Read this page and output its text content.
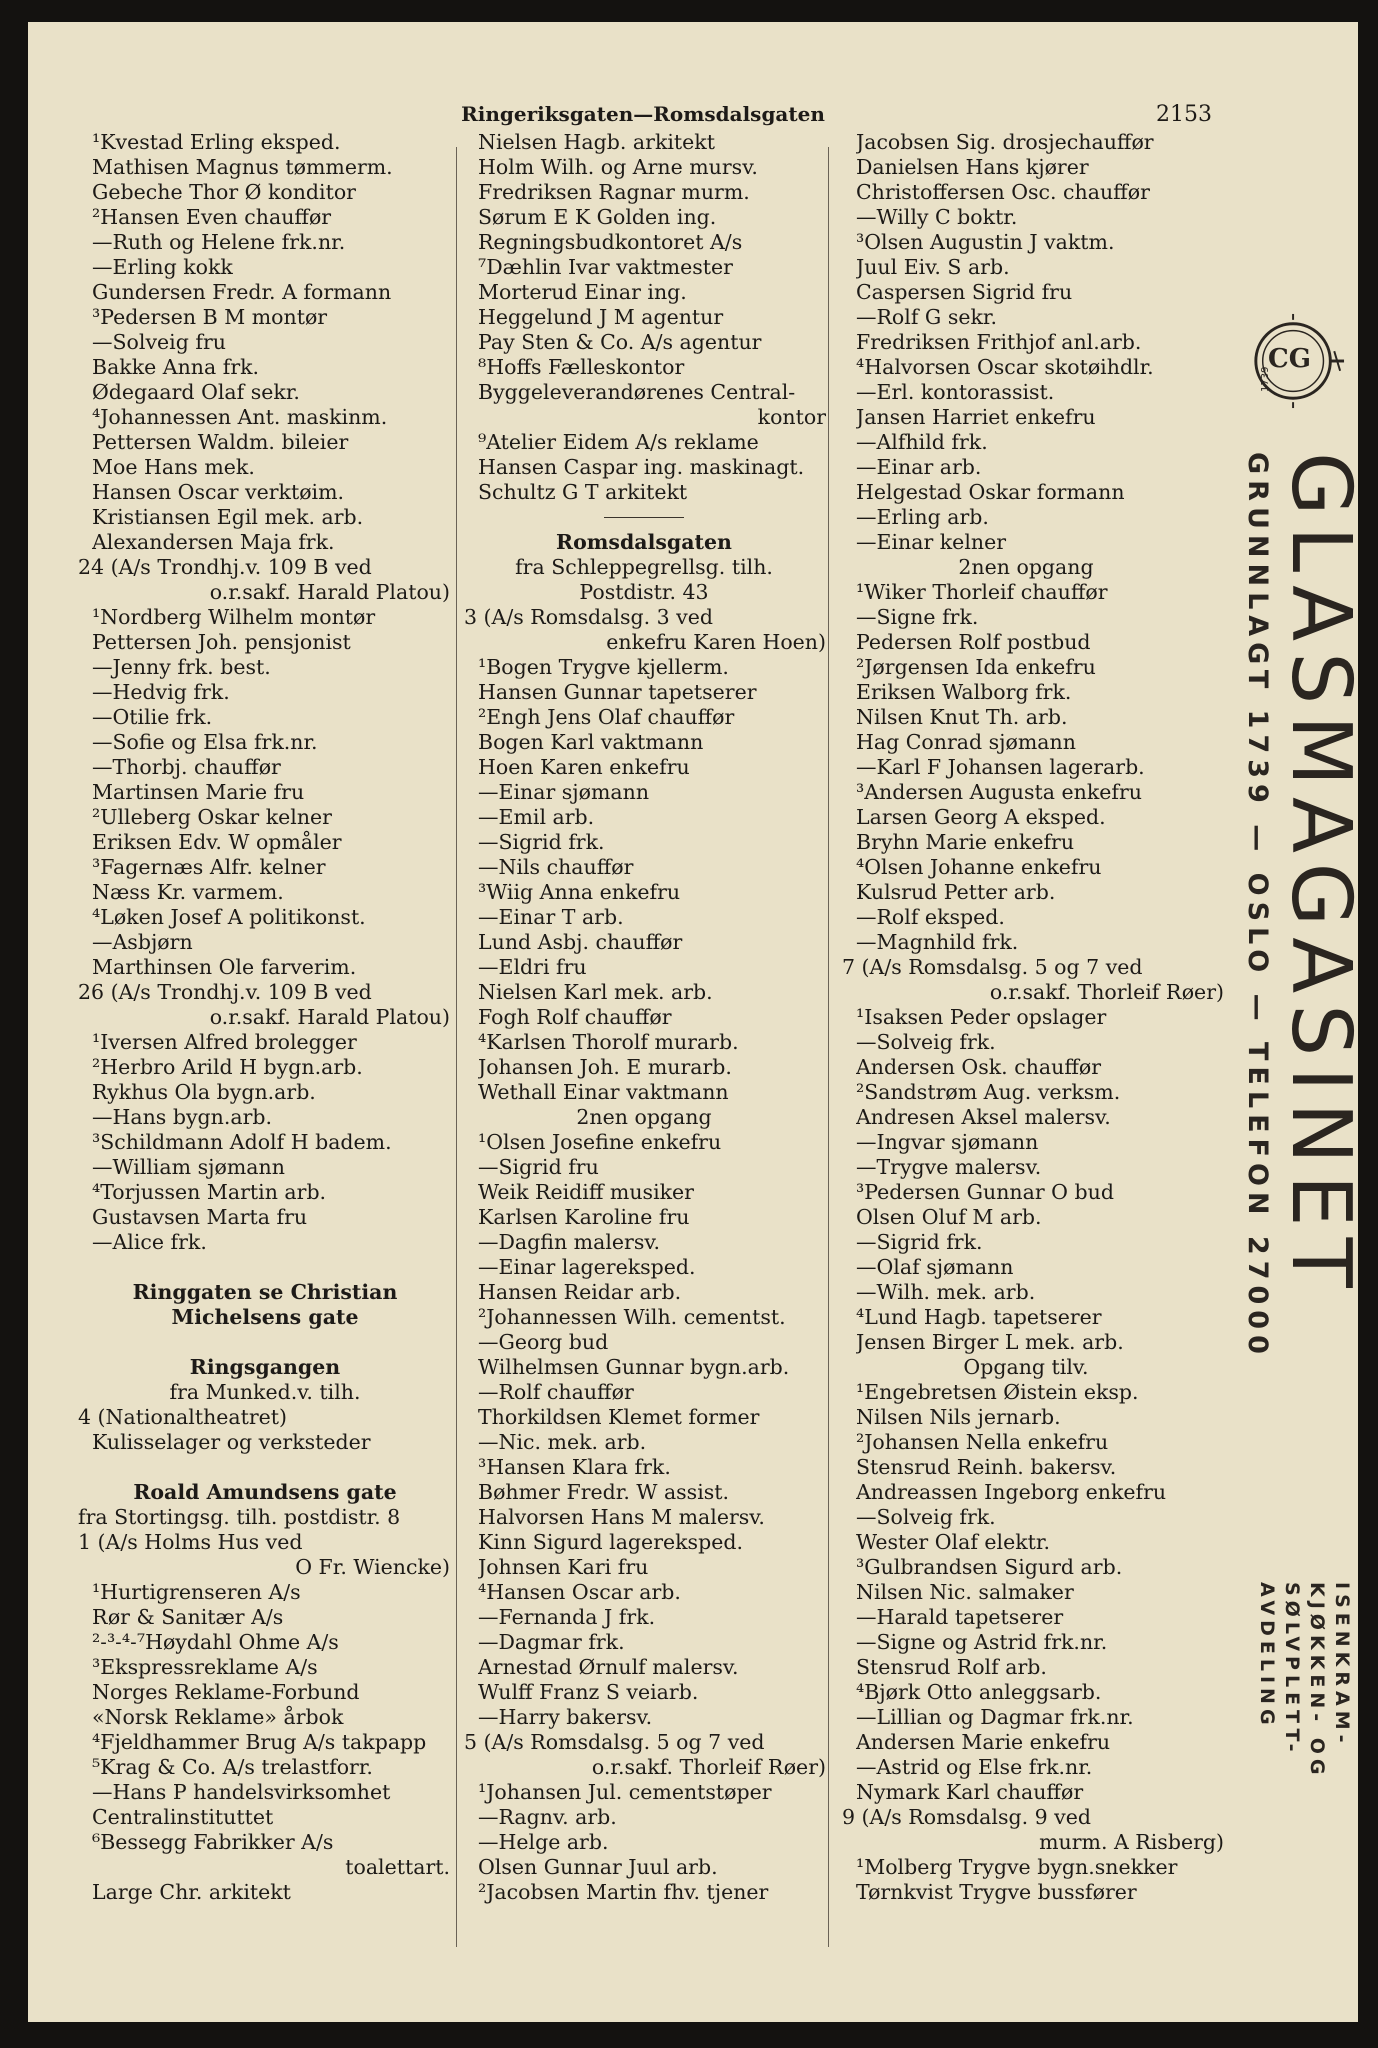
Ringeriksgaten—Romsdalsgaten	2153
¹Kvestad Erling eksped.
Mathisen Magnus tømmerm.
Gebeche Thor Ø konditor
²Hansen Even chauffør
—Ruth og Helene frk.nr.
—Erling kokk
Gundersen Fredr. A formann
³Pedersen B M montør
—Solveig fru
Bakke Anna frk.
Ødegaard Olaf sekr.
⁴Johannessen Ant. maskinm.
Pettersen Waldm. bileier
Moe Hans mek.
Hansen Oscar verktøim.
Kristiansen Egil mek. arb.
Alexandersen Maja frk.
24 (A/s Trondhj.v. 109 B ved
o.r.sakf. Harald Platou)
¹Nordberg Wilhelm montør
Pettersen Joh. pensjonist
—Jenny frk. best.
—Hedvig frk.
—Otilie frk.
—Sofie og Elsa frk.nr.
—Thorbj. chauffør
Martinsen Marie fru
²Ulleberg Oskar kelner
Eriksen Edv. W opmåler
³Fagernæs Alfr. kelner
Næss Kr. varmem.
⁴Løken Josef A politikonst.
—Asbjørn
Marthinsen Ole farverim.
26 (A/s Trondhj.v. 109 B ved
o.r.sakf. Harald Platou)
¹Iversen Alfred brolegger
²Herbro Arild H bygn.arb.
Rykhus Ola bygn.arb.
—Hans bygn.arb.
³Schildmann Adolf H badem.
—William sjømann
⁴Torjussen Martin arb.
Gustavsen Marta fru
—Alice frk.
Ringgaten se Christian
Michelsens gate
Ringsgangen
fra Munked.v. tilh.
4 (Nationaltheatret)
Kulisselager og verksteder
Roald Amundsens gate
fra Stortingsg. tilh. postdistr. 8
1 (A/s Holms Hus ved
O Fr. Wiencke)
¹Hurtigrenseren A/s
Rør & Sanitær A/s
²˗³˗⁴˗⁷Høydahl Ohme A/s
³Ekspressreklame A/s
Norges Reklame-Forbund
«Norsk Reklame» årbok
⁴Fjeldhammer Brug A/s takpapp
⁵Krag & Co. A/s trelastforr.
—Hans P handelsvirksomhet
Centralinstituttet
⁶Bessegg Fabrikker A/s
toalettart.
Large Chr. arkitekt
Nielsen Hagb. arkitekt
Holm Wilh. og Arne mursv.
Fredriksen Ragnar murm.
Sørum E K Golden ing.
Regningsbudkontoret A/s
⁷Dæhlin Ivar vaktmester
Morterud Einar ing.
Heggelund J M agentur
Pay Sten & Co. A/s agentur
⁸Hoffs Fælleskontor
Byggeleverandørenes Central-
kontor
⁹Atelier Eidem A/s reklame
Hansen Caspar ing. maskinagt.
Schultz G T arkitekt
Romsdalsgaten
fra Schleppegrellsg. tilh.
Postdistr. 43
3 (A/s Romsdalsg. 3 ved
enkefru Karen Hoen)
¹Bogen Trygve kjellerm.
Hansen Gunnar tapetserer
²Engh Jens Olaf chauffør
Bogen Karl vaktmann
Hoen Karen enkefru
—Einar sjømann
—Emil arb.
—Sigrid frk.
—Nils chauffør
³Wiig Anna enkefru
—Einar T arb.
Lund Asbj. chauffør
—Eldri fru
Nielsen Karl mek. arb.
Fogh Rolf chauffør
⁴Karlsen Thorolf murarb.
Johansen Joh. E murarb.
Wethall Einar vaktmann
2nen opgang
¹Olsen Josefine enkefru
—Sigrid fru
Weik Reidiff musiker
Karlsen Karoline fru
—Dagfin malersv.
—Einar lagereksped.
Hansen Reidar arb.
²Johannessen Wilh. cementst.
—Georg bud
Wilhelmsen Gunnar bygn.arb.
—Rolf chauffør
Thorkildsen Klemet former
—Nic. mek. arb.
³Hansen Klara frk.
Bøhmer Fredr. W assist.
Halvorsen Hans M malersv.
Kinn Sigurd lagereksped.
Johnsen Kari fru
⁴Hansen Oscar arb.
—Fernanda J frk.
—Dagmar frk.
Arnestad Ørnulf malersv.
Wulff Franz S veiarb.
—Harry bakersv.
5 (A/s Romsdalsg. 5 og 7 ved
o.r.sakf. Thorleif Røer)
¹Johansen Jul. cementstøper
—Ragnv. arb.
—Helge arb.
Olsen Gunnar Juul arb.
²Jacobsen Martin fhv. tjener
Jacobsen Sig. drosjechauffør
Danielsen Hans kjører
Christoffersen Osc. chauffør
—Willy C boktr.
³Olsen Augustin J vaktm.
Juul Eiv. S arb.
Caspersen Sigrid fru
—Rolf G sekr.
Fredriksen Frithjof anl.arb.
⁴Halvorsen Oscar skotøihdlr.
—Erl. kontorassist.
Jansen Harriet enkefru
—Alfhild frk.
—Einar arb.
Helgestad Oskar formann
—Erling arb.
—Einar kelner
2nen opgang
¹Wiker Thorleif chauffør
—Signe frk.
Pedersen Rolf postbud
²Jørgensen Ida enkefru
Eriksen Walborg frk.
Nilsen Knut Th. arb.
Hag Conrad sjømann
—Karl F Johansen lagerarb.
³Andersen Augusta enkefru
Larsen Georg A eksped.
Bryhn Marie enkefru
⁴Olsen Johanne enkefru
Kulsrud Petter arb.
—Rolf eksped.
—Magnhild frk.
7 (A/s Romsdalsg. 5 og 7 ved
o.r.sakf. Thorleif Røer)
¹Isaksen Peder opslager
—Solveig frk.
Andersen Osk. chauffør
²Sandstrøm Aug. verksm.
Andresen Aksel malersv.
—Ingvar sjømann
—Trygve malersv.
³Pedersen Gunnar O bud
Olsen Oluf M arb.
—Sigrid frk.
—Olaf sjømann
—Wilh. mek. arb.
⁴Lund Hagb. tapetserer
Jensen Birger L mek. arb.
Opgang tilv.
¹Engebretsen Øistein eksp.
Nilsen Nils jernarb.
²Johansen Nella enkefru
Stensrud Reinh. bakersv.
Andreassen Ingeborg enkefru
—Solveig frk.
Wester Olaf elektr.
³Gulbrandsen Sigurd arb.
Nilsen Nic. salmaker
—Harald tapetserer
—Signe og Astrid frk.nr.
Stensrud Rolf arb.
⁴Bjørk Otto anleggsarb.
—Lillian og Dagmar frk.nr.
Andersen Marie enkefru
—Astrid og Else frk.nr.
Nymark Karl chauffør
9 (A/s Romsdalsg. 9 ved
murm. A Risberg)
¹Molberg Trygve bygn.snekker
Tørnkvist Trygve bussfører
CG
1739
GLASMAGASINET
GRUNNLAGT 1739 — OSLO — TELEFON 27000
ISENKRAM-
KJØKKEN- OG
SØLVPLETT-
AVDELING
